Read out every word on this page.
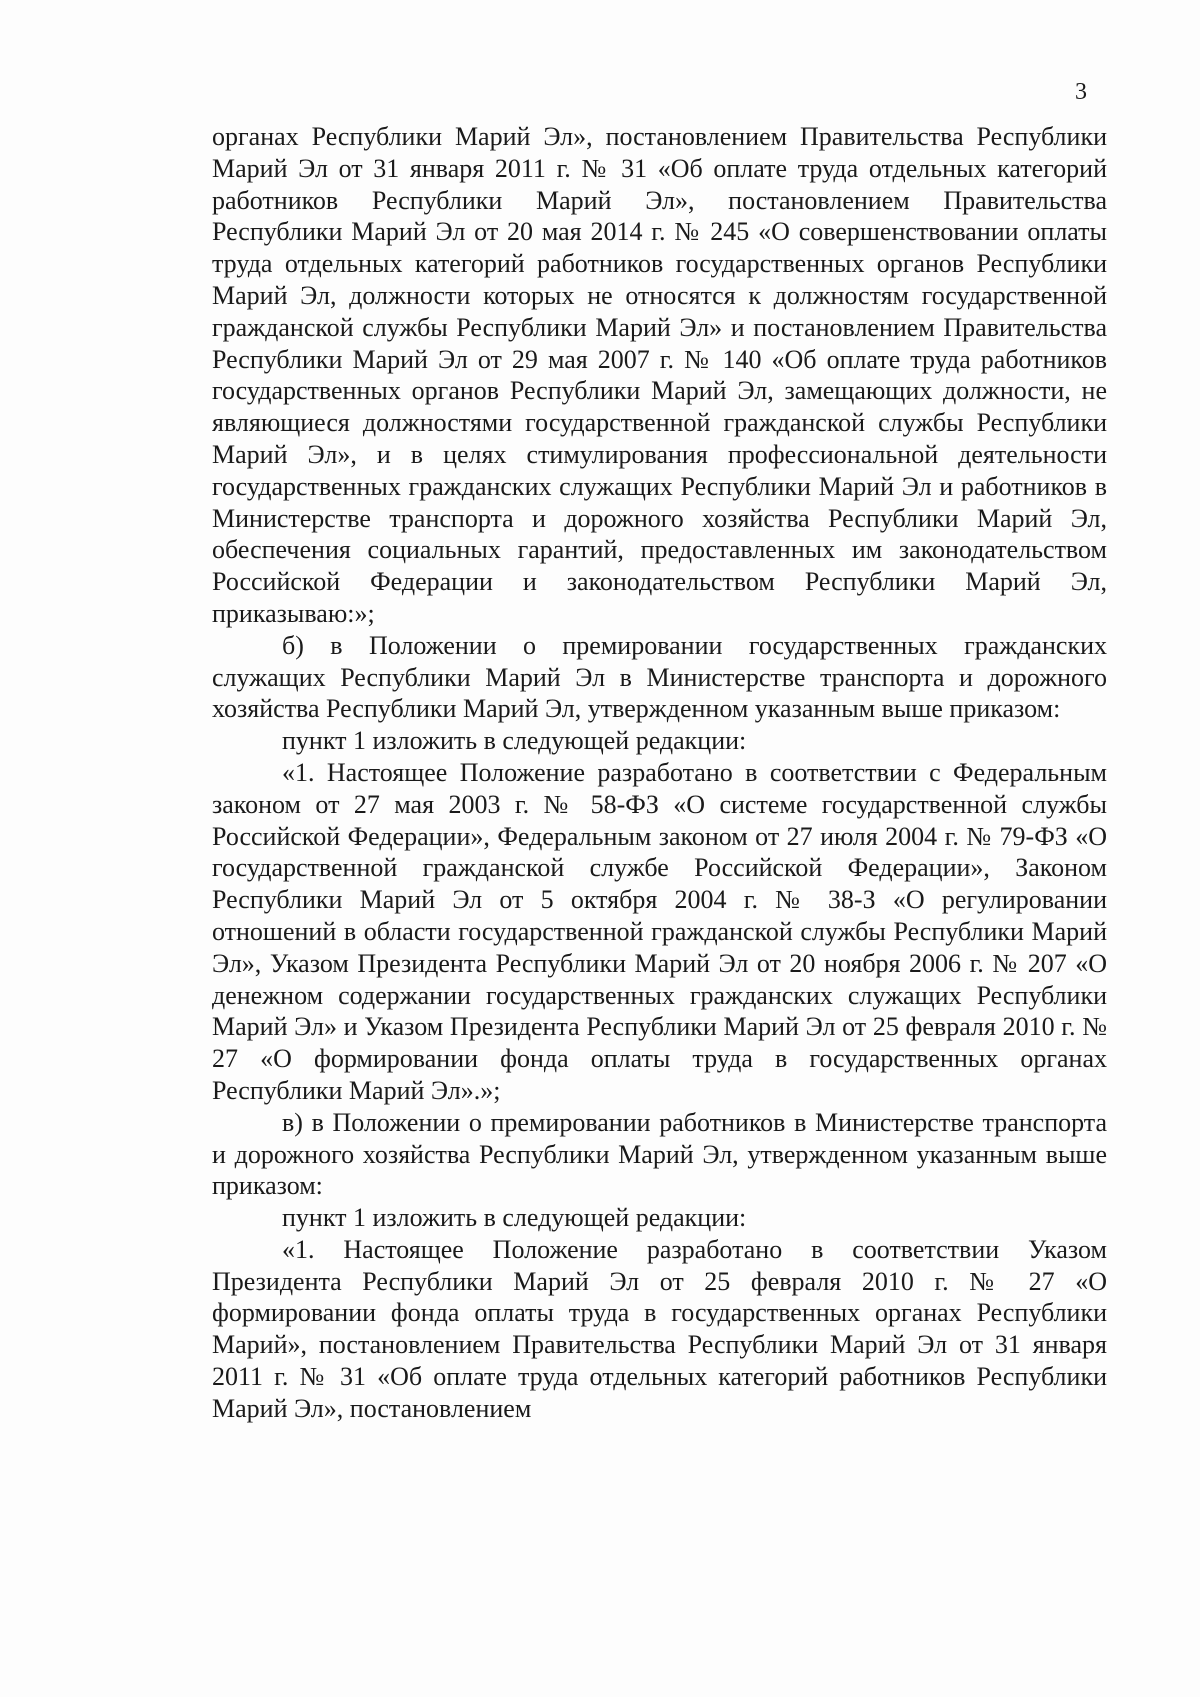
3

органах Республики Марий Эл», постановлением Правительства Республики Марий Эл от 31 января 2011 г. № 31 «Об оплате труда отдельных категорий работников Республики Марий Эл», постановлением Правительства Республики Марий Эл от 20 мая 2014 г. № 245 «О совершенствовании оплаты труда отдельных категорий работников государственных органов Республики Марий Эл, должности которых не относятся к должностям государственной гражданской службы Республики Марий Эл» и постановлением Правительства Республики Марий Эл от 29 мая 2007 г. № 140 «Об оплате труда работников государственных органов Республики Марий Эл, замещающих должности, не являющиеся должностями государственной гражданской службы Республики Марий Эл», и в целях стимулирования профессиональной деятельности государственных гражданских служащих Республики Марий Эл и работников в Министерстве транспорта и дорожного хозяйства Республики Марий Эл, обеспечения социальных гарантий, предоставленных им законодательством Российской Федерации и законодательством Республики Марий Эл, приказываю:»;

б) в Положении о премировании государственных гражданских служащих Республики Марий Эл в Министерстве транспорта и дорожного хозяйства Республики Марий Эл, утвержденном указанным выше приказом:

пункт 1 изложить в следующей редакции:

«1. Настоящее Положение разработано в соответствии с Федеральным законом от 27 мая 2003 г. № 58-ФЗ «О системе государственной службы Российской Федерации», Федеральным законом от 27 июля 2004 г. № 79-ФЗ «О государственной гражданской службе Российской Федерации», Законом Республики Марий Эл от 5 октября 2004 г. № 38-З «О регулировании отношений в области государственной гражданской службы Республики Марий Эл», Указом Президента Республики Марий Эл от 20 ноября 2006 г. № 207 «О денежном содержании государственных гражданских служащих Республики Марий Эл» и Указом Президента Республики Марий Эл от 25 февраля 2010 г. № 27 «О формировании фонда оплаты труда в государственных органах Республики Марий Эл».»;

в) в Положении о премировании работников в Министерстве транспорта и дорожного хозяйства Республики Марий Эл, утвержденном указанным выше приказом:

пункт 1 изложить в следующей редакции:

«1. Настоящее Положение разработано в соответствии Указом Президента Республики Марий Эл от 25 февраля 2010 г. № 27 «О формировании фонда оплаты труда в государственных органах Республики Марий», постановлением Правительства Республики Марий Эл от 31 января 2011 г. № 31 «Об оплате труда отдельных категорий работников Республики Марий Эл», постановлением
